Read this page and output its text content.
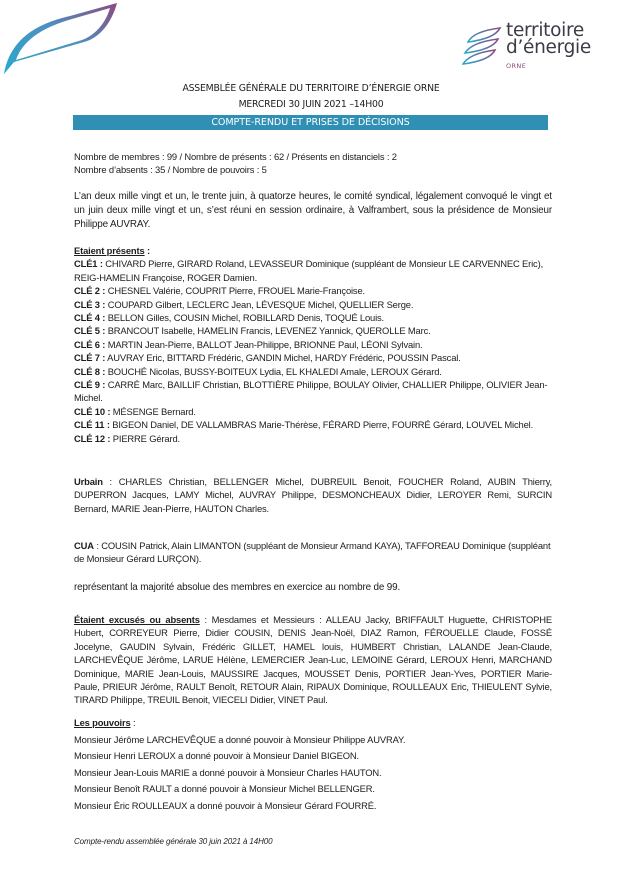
territoire
d’énergie
ORNE
ASSEMBLÉE GÉNÉRALE DU TERRITOIRE D’ÉNERGIE ORNE
MERCREDI 30 JUIN 2021 –14H00
COMPTE-RENDU ET PRISES DE DÉCISIONS
Nombre de membres : 99 / Nombre de présents : 62 / Présents en distanciels : 2
Nombre d’absents : 35 / Nombre de pouvoirs : 5
L’an deux mille vingt et un, le trente juin, à quatorze heures, le comité syndical, légalement convoqué le vingt et un juin deux mille vingt et un, s’est réuni en session ordinaire, à Valframbert, sous la présidence de Monsieur Philippe AUVRAY.
Etaient présents :
CLÉ1 : CHIVARD Pierre, GIRARD Roland, LEVASSEUR Dominique (suppléant de Monsieur LE CARVENNEC Eric), REIG-HAMELIN Françoise, ROGER Damien.
CLÉ 2 : CHESNEL Valérie, COUPRIT Pierre, FROUEL Marie-Françoise.
CLÉ 3 : COUPARD Gilbert, LECLERC Jean, LÉVESQUE Michel, QUELLIER Serge.
CLÉ 4 : BELLON Gilles, COUSIN Michel, ROBILLARD Denis, TOQUÉ Louis.
CLÉ 5 : BRANCOUT Isabelle, HAMELIN Francis, LEVENEZ Yannick, QUEROLLE Marc.
CLÉ 6 : MARTIN Jean-Pierre, BALLOT Jean-Philippe, BRIONNE Paul, LÉONI Sylvain.
CLÉ 7 : AUVRAY Eric, BITTARD Frédéric, GANDIN Michel, HARDY Frédéric, POUSSIN Pascal.
CLÉ 8 : BOUCHÉ Nicolas, BUSSY-BOITEUX Lydia, EL KHALEDI Amale, LEROUX Gérard.
CLÉ 9 : CARRÉ Marc, BAILLIF Christian, BLOTTIÈRE Philippe, BOULAY Olivier, CHALLIER Philippe, OLIVIER Jean-Michel.
CLÉ 10 : MÉSENGE Bernard.
CLÉ 11 : BIGEON Daniel, DE VALLAMBRAS Marie-Thérèse, FÉRARD Pierre, FOURRÉ Gérard, LOUVEL Michel.
CLÉ 12 : PIERRE Gérard.
Urbain : CHARLES Christian, BELLENGER Michel, DUBREUIL Benoit, FOUCHER Roland, AUBIN Thierry, DUPERRON Jacques, LAMY Michel, AUVRAY Philippe, DESMONCHEAUX Didier, LEROYER Remi, SURCIN Bernard, MARIE Jean-Pierre, HAUTON Charles.
CUA : COUSIN Patrick, Alain LIMANTON (suppléant de Monsieur Armand KAYA), TAFFOREAU Dominique (suppléant de Monsieur Gérard LURÇON).
représentant la majorité absolue des membres en exercice au nombre de 99.
Étaient excusés ou absents : Mesdames et Messieurs : ALLEAU Jacky, BRIFFAULT Huguette, CHRISTOPHE Hubert, CORREYEUR Pierre, Didier COUSIN, DENIS Jean-Noël, DIAZ Ramon, FÉROUELLE Claude, FOSSÉ Jocelyne, GAUDIN Sylvain, Frédéric GILLET, HAMEL louis, HUMBERT Christian, LALANDE Jean-Claude, LARCHEVÊQUE Jérôme, LARUE Hélène, LEMERCIER Jean-Luc, LEMOINE Gérard, LEROUX Henri, MARCHAND Dominique, MARIE Jean-Louis, MAUSSIRE Jacques, MOUSSET Denis, PORTIER Jean-Yves, PORTIER Marie-Paule, PRIEUR Jérôme, RAULT Benoît, RETOUR Alain, RIPAUX Dominique, ROULLEAUX Eric, THIEULENT Sylvie, TIRARD Philippe, TREUIL Benoit, VIECELI Didier, VINET Paul.
Les pouvoirs :
Monsieur Jérôme LARCHEVÊQUE a donné pouvoir à Monsieur Philippe AUVRAY.
Monsieur Henri LEROUX a donné pouvoir à Monsieur Daniel BIGEON.
Monsieur Jean-Louis MARIE a donné pouvoir à Monsieur Charles HAUTON.
Monsieur Benoît RAULT a donné pouvoir à Monsieur Michel BELLENGER.
Monsieur Éric ROULLEAUX a donné pouvoir à Monsieur Gérard FOURRÉ.
Compte-rendu assemblée générale 30 juin 2021 à 14H00
